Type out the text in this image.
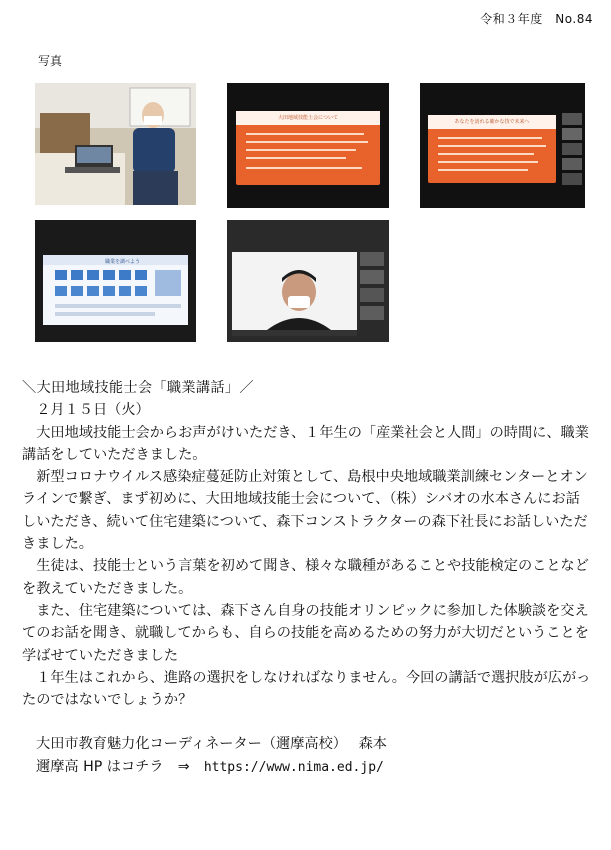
令和３年度　No.84
写真
大田地域技能士会について
あなたを訪れる確かな技で未来へ
職業を調べよう

＼大田地域技能士会「職業講話」／

２月１５日（火）

大田地域技能士会からお声がけいただき、１年生の「産業社会と人間」の時間に、職業講話をしていただきました。

新型コロナウイルス感染症蔓延防止対策として、島根中央地域職業訓練センターとオンラインで繋ぎ、まず初めに、大田地域技能士会について、（株）シバオの水本さんにお話しいただき、続いて住宅建築について、森下コンストラクターの森下社長にお話しいただきました。

生徒は、技能士という言葉を初めて聞き、様々な職種があることや技能検定のことなどを教えていただきました。

また、住宅建築については、森下さん自身の技能オリンピックに参加した体験談を交えてのお話を聞き、就職してからも、自らの技能を高めるための努力が大切だということを学ばせていただきました

１年生はこれから、進路の選択をしなければなりません。今回の講話で選択肢が広がったのではないでしょうか？

大田市教育魅力化コーディネーター（邇摩高校）　 森本

邇摩高 HP はコチラ　⇒　https://www.nima.ed.jp/
